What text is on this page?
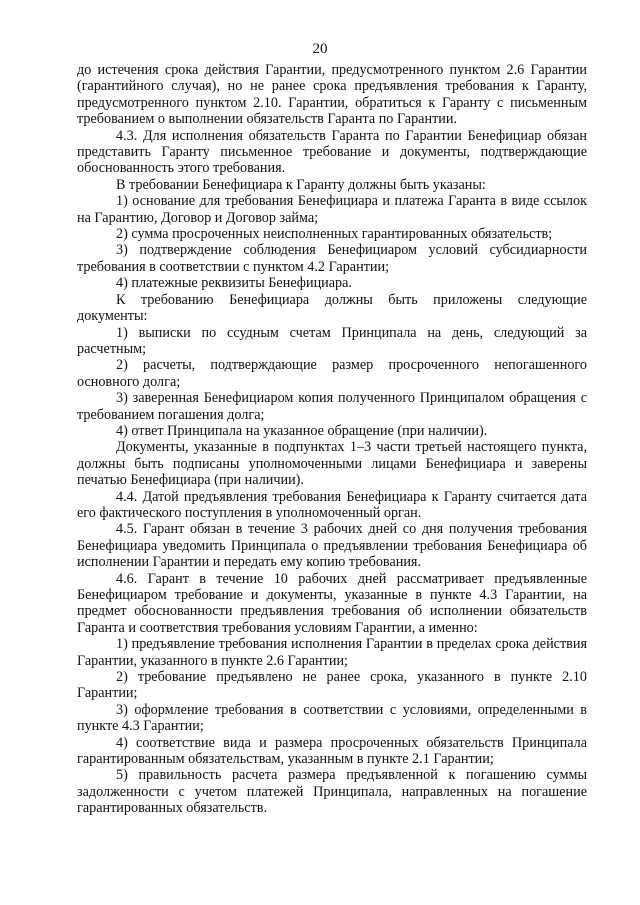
20

до истечения срока действия Гарантии, предусмотренного пунктом 2.6 Гарантии (гарантийного случая), но не ранее срока предъявления требования к Гаранту, предусмотренного пунктом 2.10. Гарантии, обратиться к Гаранту с письменным требованием о выполнении обязательств Гаранта по Гарантии.

4.3. Для исполнения обязательств Гаранта по Гарантии Бенефициар обязан представить Гаранту письменное требование и документы, подтверждающие обоснованность этого требования.

В требовании Бенефициара к Гаранту должны быть указаны:

1) основание для требования Бенефициара и платежа Гаранта в виде ссылок на Гарантию, Договор и Договор займа;

2) сумма просроченных неисполненных гарантированных обязательств;

3) подтверждение соблюдения Бенефициаром условий субсидиарности требования в соответствии с пунктом 4.2 Гарантии;

4) платежные реквизиты Бенефициара.

К требованию Бенефициара должны быть приложены следующие документы:

1) выписки по ссудным счетам Принципала на день, следующий за расчетным;

2) расчеты, подтверждающие размер просроченного непогашенного основного долга;

3) заверенная Бенефициаром копия полученного Принципалом обращения с требованием погашения долга;

4) ответ Принципала на указанное обращение (при наличии).

Документы, указанные в подпунктах 1–3 части третьей настоящего пункта, должны быть подписаны уполномоченными лицами Бенефициара и заверены печатью Бенефициара (при наличии).

4.4. Датой предъявления требования Бенефициара к Гаранту считается дата его фактического поступления в уполномоченный орган.

4.5. Гарант обязан в течение 3 рабочих дней со дня получения требования Бенефициара уведомить Принципала о предъявлении требования Бенефициара об исполнении Гарантии и передать ему копию требования.

4.6. Гарант в течение 10 рабочих дней рассматривает предъявленные Бенефициаром требование и документы, указанные в пункте 4.3 Гарантии, на предмет обоснованности предъявления требования об исполнении обязательств Гаранта и соответствия требования условиям Гарантии, а именно:

1) предъявление требования исполнения Гарантии в пределах срока действия Гарантии, указанного в пункте 2.6 Гарантии;

2) требование предъявлено не ранее срока, указанного в пункте 2.10 Гарантии;

3) оформление требования в соответствии с условиями, определенными в пункте 4.3 Гарантии;

4) соответствие вида и размера просроченных обязательств Принципала гарантированным обязательствам, указанным в пункте 2.1 Гарантии;

5) правильность расчета размера предъявленной к погашению суммы задолженности с учетом платежей Принципала, направленных на погашение гарантированных обязательств.
